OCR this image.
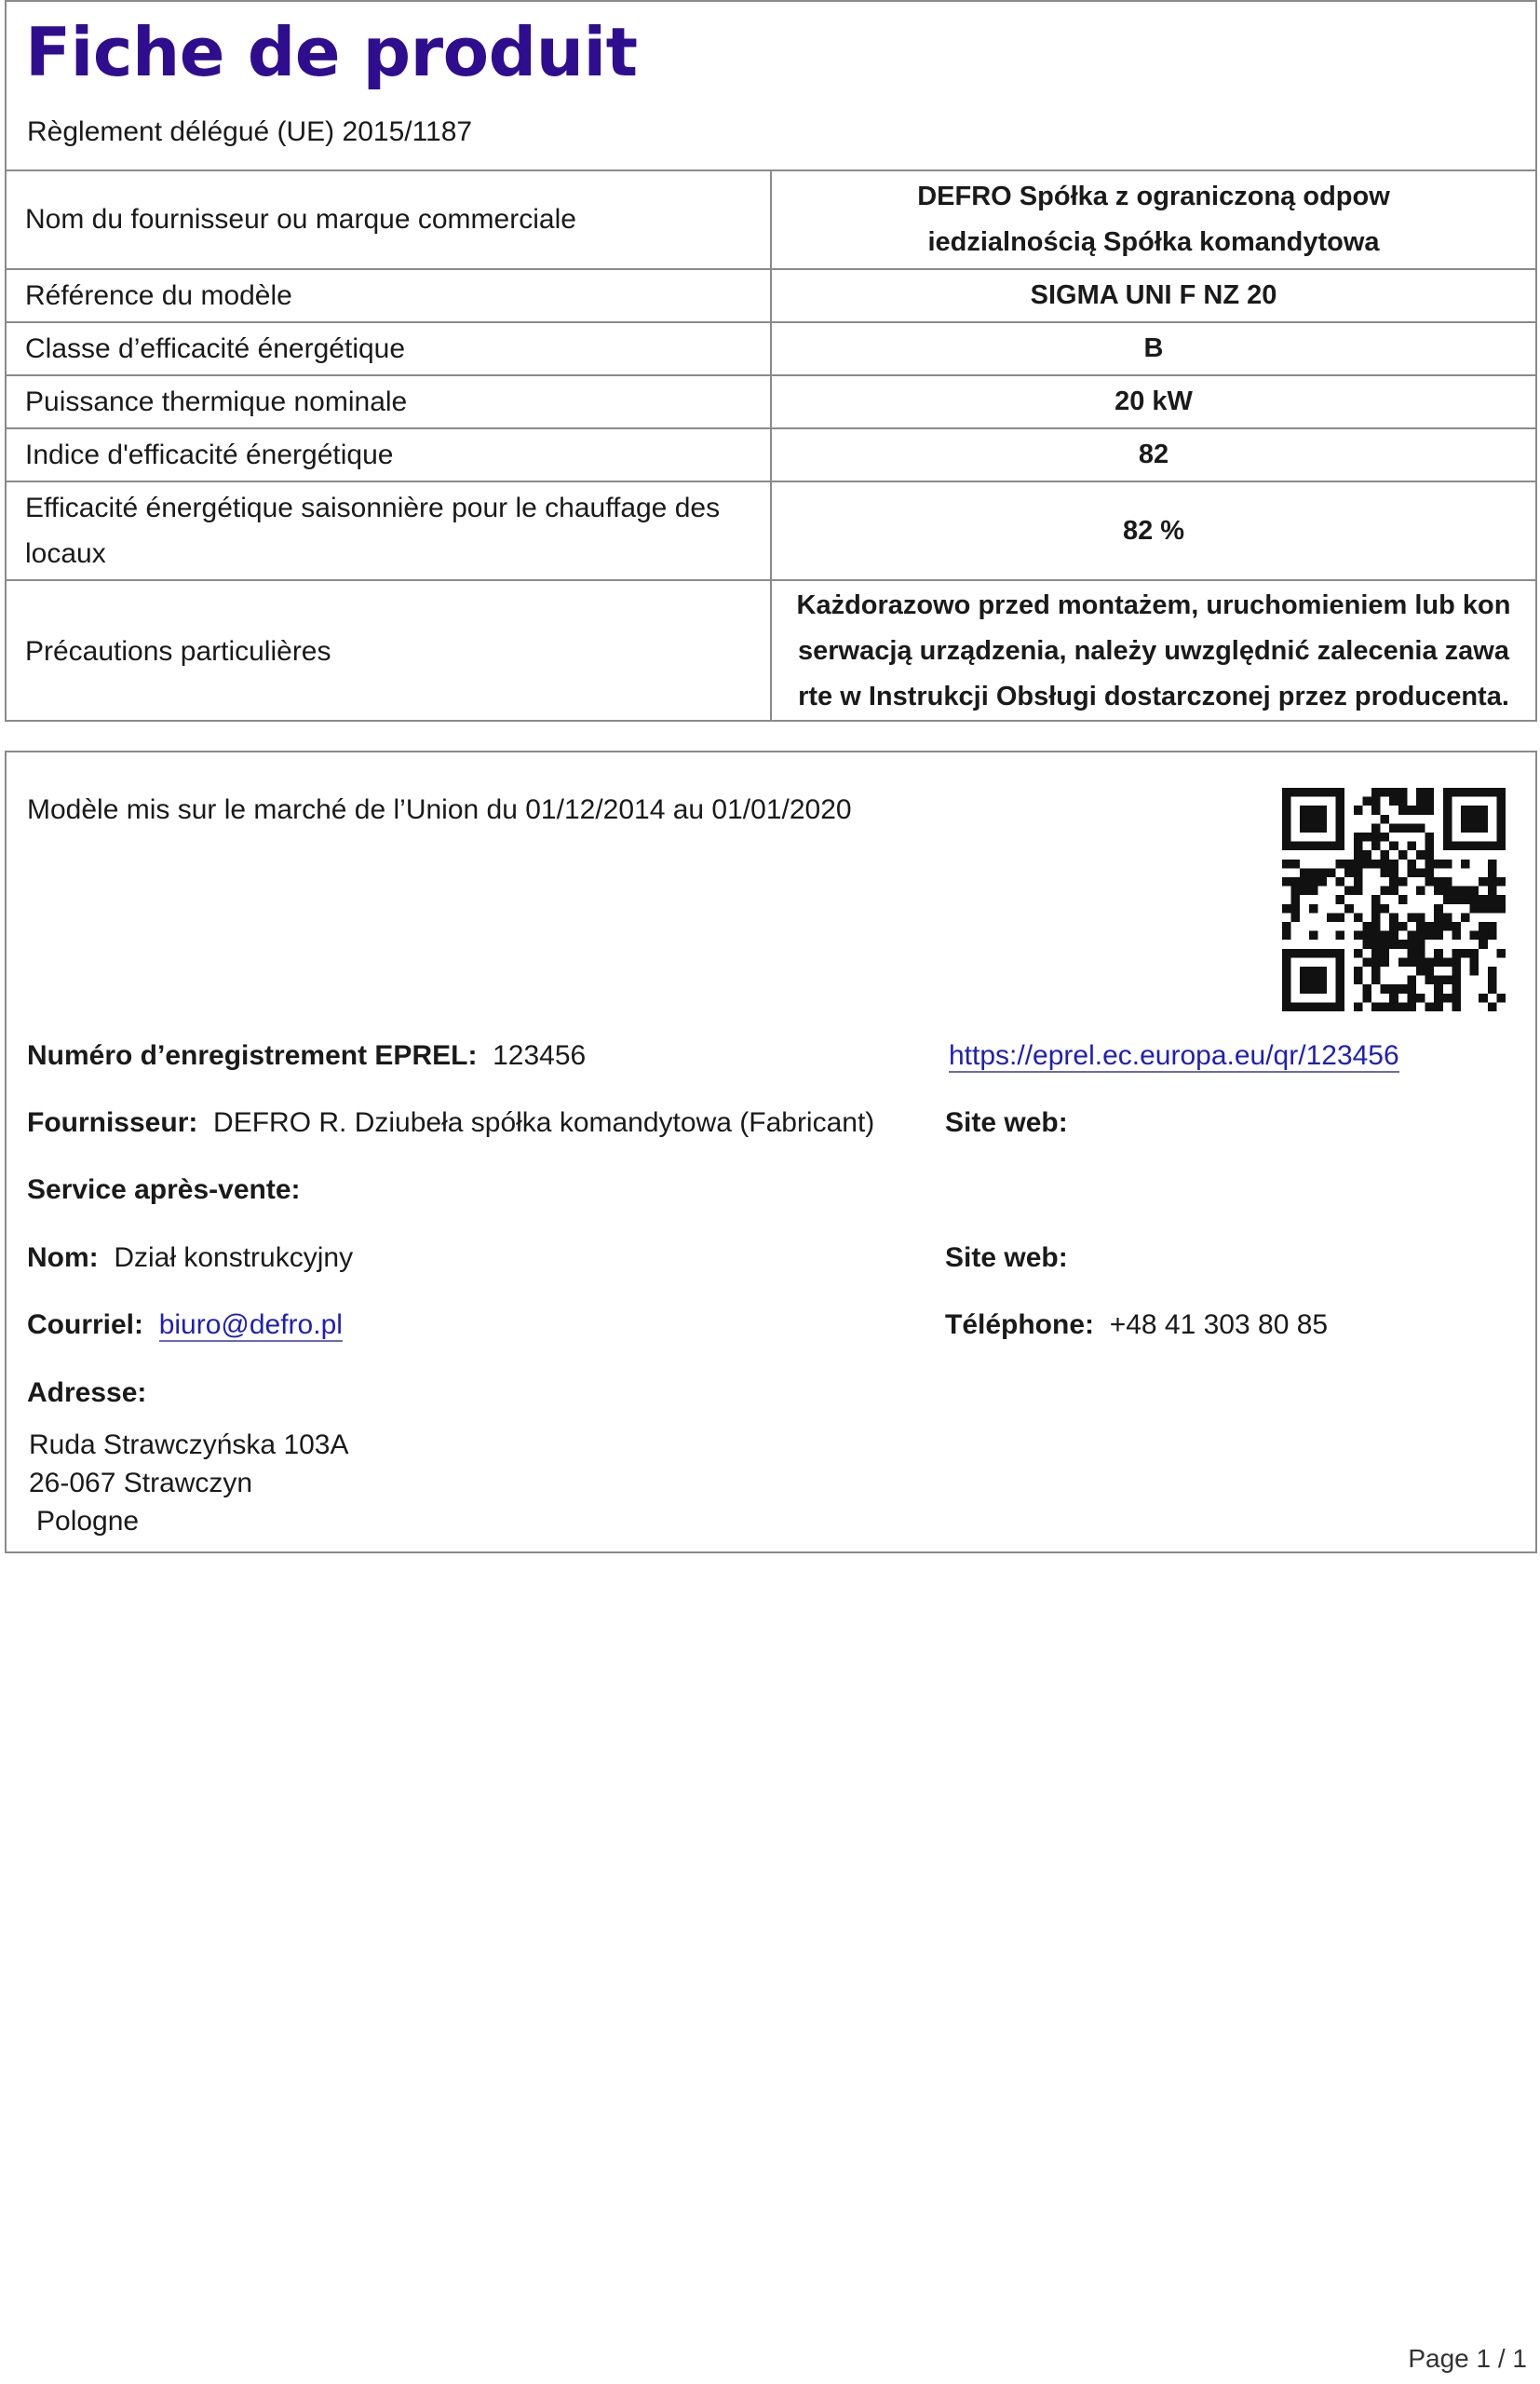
Fiche de produit
Règlement délégué (UE) 2015/1187
Nom du fournisseur ou marque commerciale	DEFRO Spółka z ograniczoną odpow
iedzialnością Spółka komandytowa

Référence du modèle	SIGMA UNI F NZ 20
Classe d’efficacité énergétique	B
Puissance thermique nominale	20 kW
Indice d'efficacité énergétique	82

Efficacité énergétique saisonnière pour le chauffage des
locaux	82 %
Précautions particulières	Każdorazowo przed montażem, uruchomieniem lub kon
serwacją urządzenia, należy uwzględnić zalecenia zawa
rte w Instrukcji Obsługi dostarczonej przez producenta.
Modèle mis sur le marché de l’Union du 01/12/2014 au 01/01/2020
Numéro d’enregistrement EPREL: 123456	https://eprel.ec.europa.eu/qr/123456
Fournisseur: DEFRO R. Dziubeła spółka komandytowa (Fabricant)	Site web:
Service après-vente:
Nom: Dział konstrukcyjny	Site web:
Courriel: biuro@defro.pl	Téléphone: +48 41 303 80 85
Adresse:
Ruda Strawczyńska 103A
26-067 Strawczyn
Pologne
Page 1 / 1
